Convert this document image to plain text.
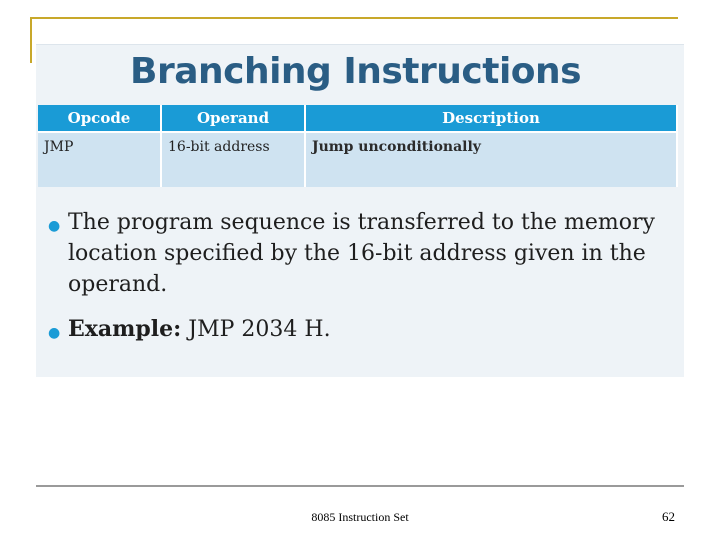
Branching Instructions
Opcode	Operand	Description
JMP	16-bit address	Jump unconditionally
● The program sequence is transferred to the memory location specified by the 16-bit address given in the operand.
● Example: JMP 2034 H.
8085 Instruction Set	62
